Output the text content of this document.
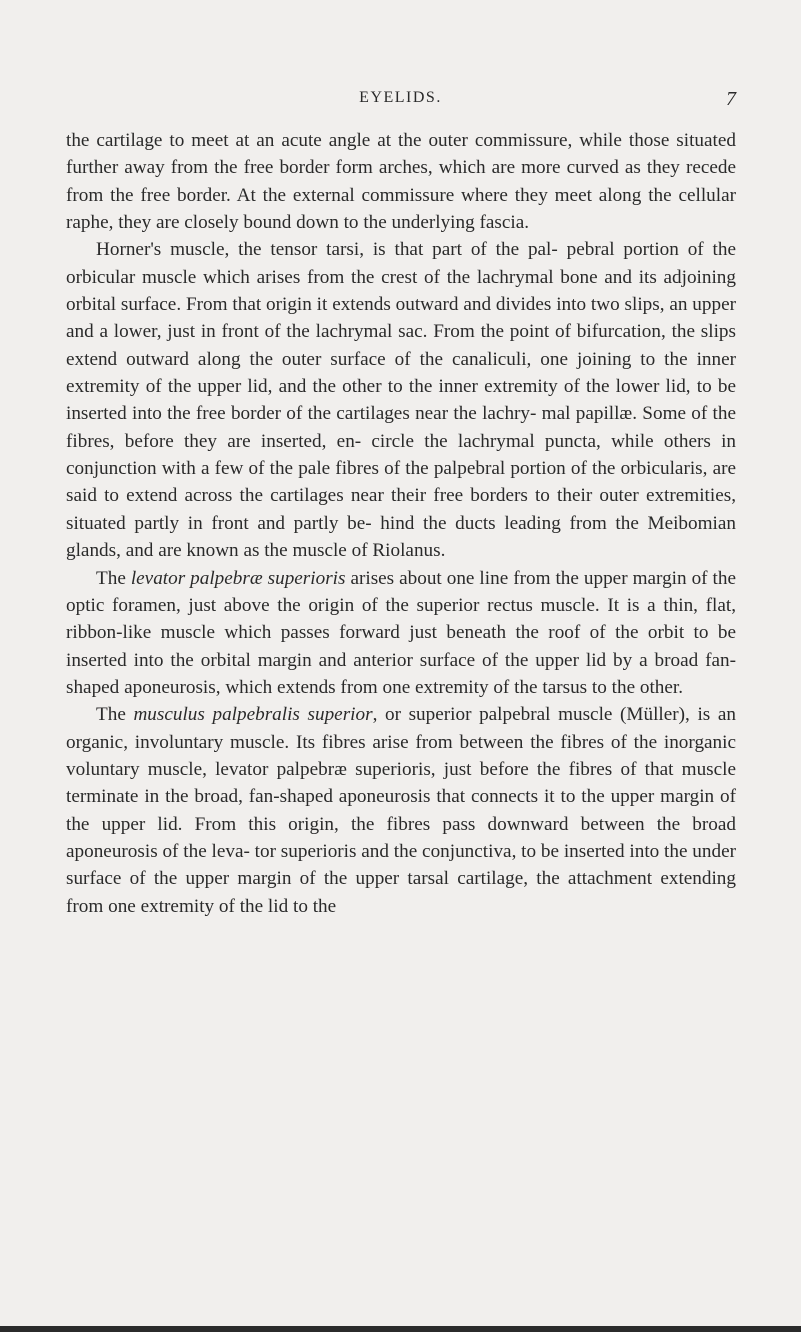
EYELIDS.	7

the cartilage to meet at an acute angle at the outer commissure, while those situated further away from the free border form arches, which are more curved as they recede from the free border. At the external commissure where they meet along the cellular raphe, they are closely bound down to the underlying fascia.

Horner's muscle, the tensor tarsi, is that part of the pal- pebral portion of the orbicular muscle which arises from the crest of the lachrymal bone and its adjoining orbital surface. From that origin it extends outward and divides into two slips, an upper and a lower, just in front of the lachrymal sac. From the point of bifurcation, the slips extend outward along the outer surface of the canaliculi, one joining to the inner extremity of the upper lid, and the other to the inner extremity of the lower lid, to be inserted into the free border of the cartilages near the lachry- mal papillæ. Some of the fibres, before they are inserted, en- circle the lachrymal puncta, while others in conjunction with a few of the pale fibres of the palpebral portion of the orbicularis, are said to extend across the cartilages near their free borders to their outer extremities, situated partly in front and partly be- hind the ducts leading from the Meibomian glands, and are known as the muscle of Riolanus.

The levator palpebræ superioris arises about one line from the upper margin of the optic foramen, just above the origin of the superior rectus muscle. It is a thin, flat, ribbon-like muscle which passes forward just beneath the roof of the orbit to be inserted into the orbital margin and anterior surface of the upper lid by a broad fan-shaped aponeurosis, which extends from one extremity of the tarsus to the other.

The musculus palpebralis superior, or superior palpebral muscle (Müller), is an organic, involuntary muscle. Its fibres arise from between the fibres of the inorganic voluntary muscle, levator palpebræ superioris, just before the fibres of that muscle terminate in the broad, fan-shaped aponeurosis that connects it to the upper margin of the upper lid. From this origin, the fibres pass downward between the broad aponeurosis of the leva- tor superioris and the conjunctiva, to be inserted into the under surface of the upper margin of the upper tarsal cartilage, the attachment extending from one extremity of the lid to the
